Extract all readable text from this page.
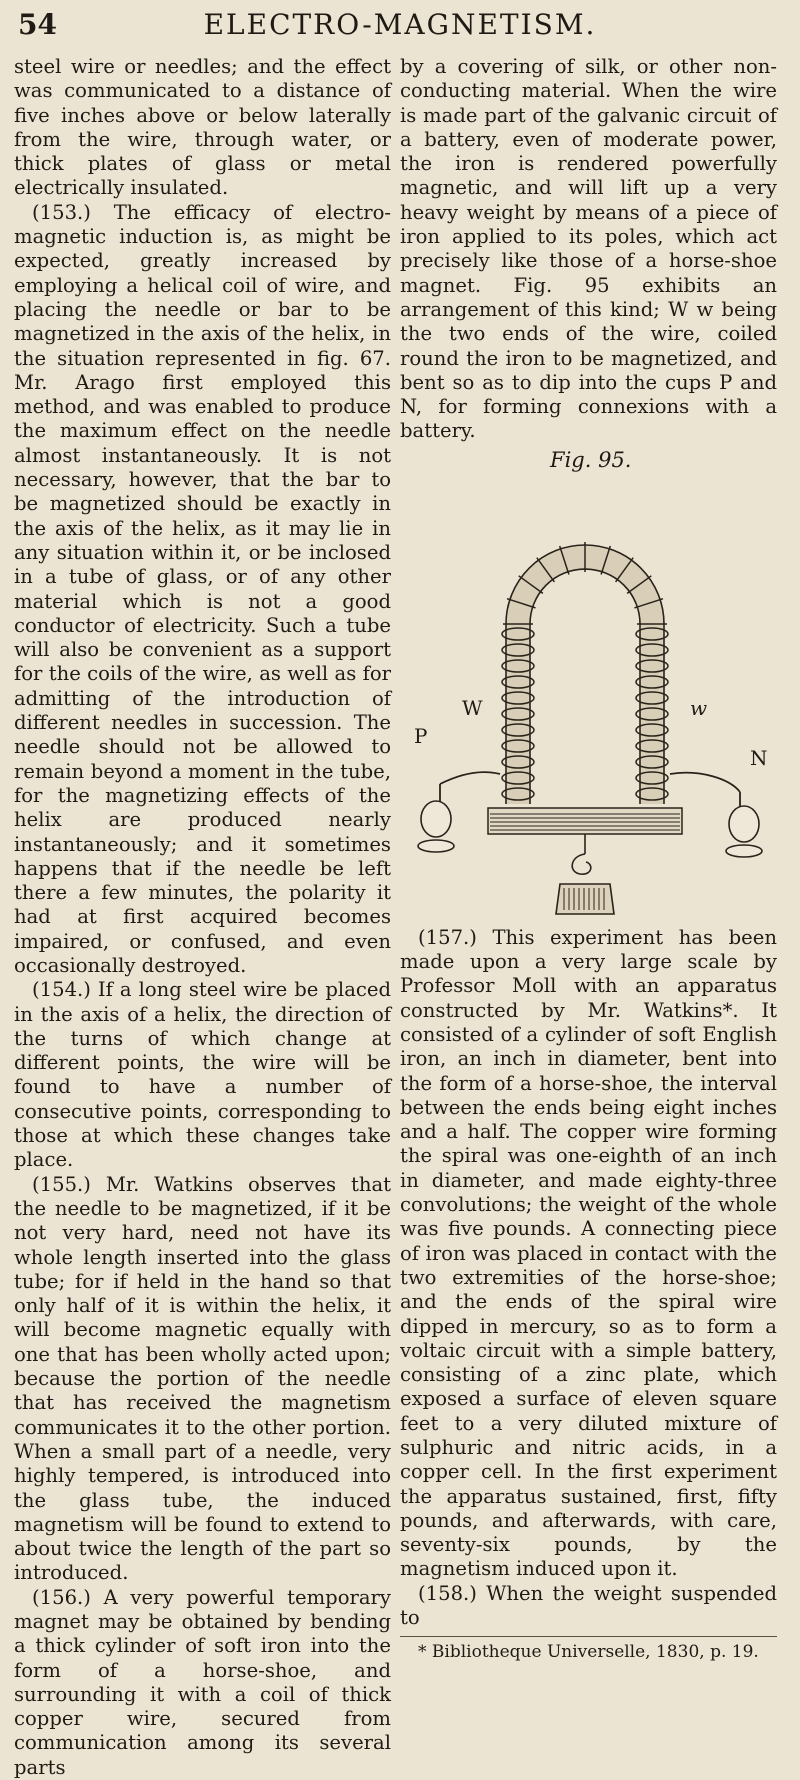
54	ELECTRO-MAGNETISM.

steel wire or needles; and the effect was communicated to a distance of five inches above or below laterally from the wire, through water, or thick plates of glass or metal electrically insulated.

(153.) The efficacy of electro-magnetic induction is, as might be expected, greatly increased by employing a helical coil of wire, and placing the needle or bar to be magnetized in the axis of the helix, in the situation represented in fig. 67. Mr. Arago first employed this method, and was enabled to produce the maximum effect on the needle almost instantaneously. It is not necessary, however, that the bar to be magnetized should be exactly in the axis of the helix, as it may lie in any situation within it, or be inclosed in a tube of glass, or of any other material which is not a good conductor of electricity. Such a tube will also be convenient as a support for the coils of the wire, as well as for admitting of the introduction of different needles in succession. The needle should not be allowed to remain beyond a moment in the tube, for the magnetizing effects of the helix are produced nearly instantaneously; and it sometimes happens that if the needle be left there a few minutes, the polarity it had at first acquired becomes impaired, or confused, and even occasionally destroyed.

(154.) If a long steel wire be placed in the axis of a helix, the direction of the turns of which change at different points, the wire will be found to have a number of consecutive points, corresponding to those at which these changes take place.

(155.) Mr. Watkins observes that the needle to be magnetized, if it be not very hard, need not have its whole length inserted into the glass tube; for if held in the hand so that only half of it is within the helix, it will become magnetic equally with one that has been wholly acted upon; because the portion of the needle that has received the magnetism communicates it to the other portion. When a small part of a needle, very highly tempered, is introduced into the glass tube, the induced magnetism will be found to extend to about twice the length of the part so introduced.

(156.) A very powerful temporary magnet may be obtained by bending a thick cylinder of soft iron into the form of a horse-shoe, and surrounding it with a coil of thick copper wire, secured from communication among its several parts

by a covering of silk, or other non-conducting material. When the wire is made part of the galvanic circuit of a battery, even of moderate power, the iron is rendered powerfully magnetic, and will lift up a very heavy weight by means of a piece of iron applied to its poles, which act precisely like those of a horse-shoe magnet. Fig. 95 exhibits an arrangement of this kind; W w being the two ends of the wire, coiled round the iron to be magnetized, and bent so as to dip into the cups P and N, for forming connexions with a battery.

Fig. 95.
W	w
P
N

(157.) This experiment has been made upon a very large scale by Professor Moll with an apparatus constructed by Mr. Watkins*. It consisted of a cylinder of soft English iron, an inch in diameter, bent into the form of a horse-shoe, the interval between the ends being eight inches and a half. The copper wire forming the spiral was one-eighth of an inch in diameter, and made eighty-three convolutions; the weight of the whole was five pounds. A connecting piece of iron was placed in contact with the two extremities of the horse-shoe; and the ends of the spiral wire dipped in mercury, so as to form a voltaic circuit with a simple battery, consisting of a zinc plate, which exposed a surface of eleven square feet to a very diluted mixture of sulphuric and nitric acids, in a copper cell. In the first experiment the apparatus sustained, first, fifty pounds, and afterwards, with care, seventy-six pounds, by the magnetism induced upon it.

(158.) When the weight suspended to

* Bibliotheque Universelle, 1830, p. 19.
